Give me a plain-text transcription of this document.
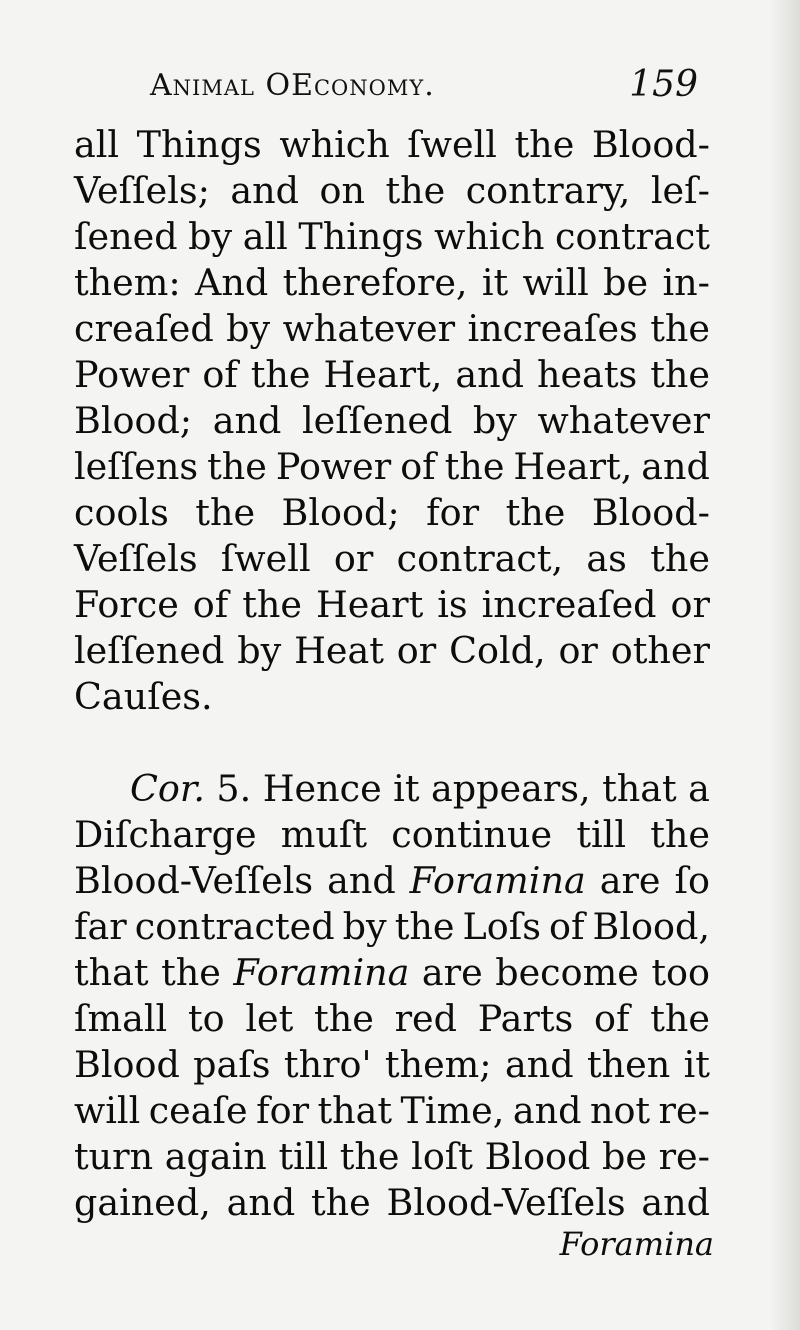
Animal OEconomy.	159
all Things which ſwell the Blood-
Veſſels; and on the contrary, leſ-
ſened by all Things which contract
them: And therefore, it will be in-
creaſed by whatever increaſes the
Power of the Heart, and heats the
Blood; and leſſened by whatever
leſſens the Power of the Heart, and
cools the Blood; for the Blood-
Veſſels ſwell or contract, as the
Force of the Heart is increaſed or
leſſened by Heat or Cold, or other
Cauſes.
Cor. 5. Hence it appears, that a
Diſcharge muſt continue till the
Blood-Veſſels and Foramina are ſo
far contracted by the Loſs of Blood,
that the Foramina are become too
ſmall to let the red Parts of the
Blood paſs thro' them; and then it
will ceaſe for that Time, and not re-
turn again till the loſt Blood be re-
gained, and the Blood-Veſſels and
Foramina
